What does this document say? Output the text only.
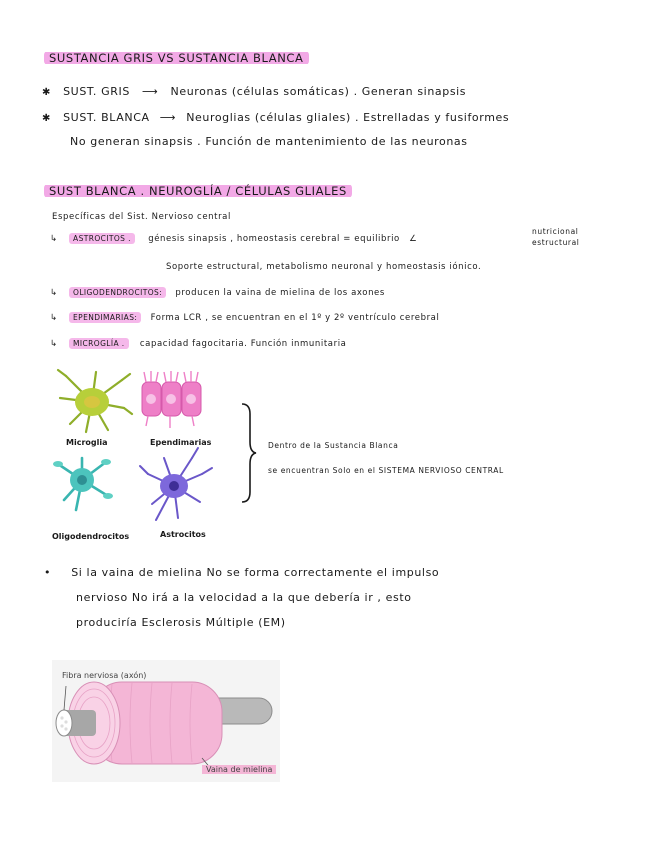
SUSTANCIA GRIS VS SUSTANCIA BLANCA
✱ SUST. GRIS ⟶ Neuronas (células somáticas) . Generan sinapsis
✱ SUST. BLANCA ⟶ Neuroglias (células gliales) . Estrelladas y fusiformes
No generan sinapsis . Función de mantenimiento de las neuronas
SUST BLANCA . NEUROGLÍA / CÉLULAS GLIALES
Específicas del Sist. Nervioso central
↳ ASTROCITOS . génesis sinapsis , homeostasis cerebral = equilibrio ∠
nutricional
estructural
Soporte estructural, metabolismo neuronal y homeostasis iónico.
↳ OLIGODENDROCITOS: producen la vaina de mielina de los axones
↳ EPENDIMARIAS: Forma LCR , se encuentran en el 1º y 2º ventrículo cerebral
↳ MICROGLÍA . capacidad fagocitaria. Función inmunitaria
Microglia	Ependimarias
Oligodendrocitos	Astrocitos
Dentro de la Sustancia Blanca
se encuentran Solo en el SISTEMA NERVIOSO CENTRAL
• Si la vaina de mielina No se forma correctamente el impulso
nervioso No irá a la velocidad a la que debería ir , esto
produciría Esclerosis Múltiple (EM)
Fibra nerviosa (axón)
Vaina de mielina
